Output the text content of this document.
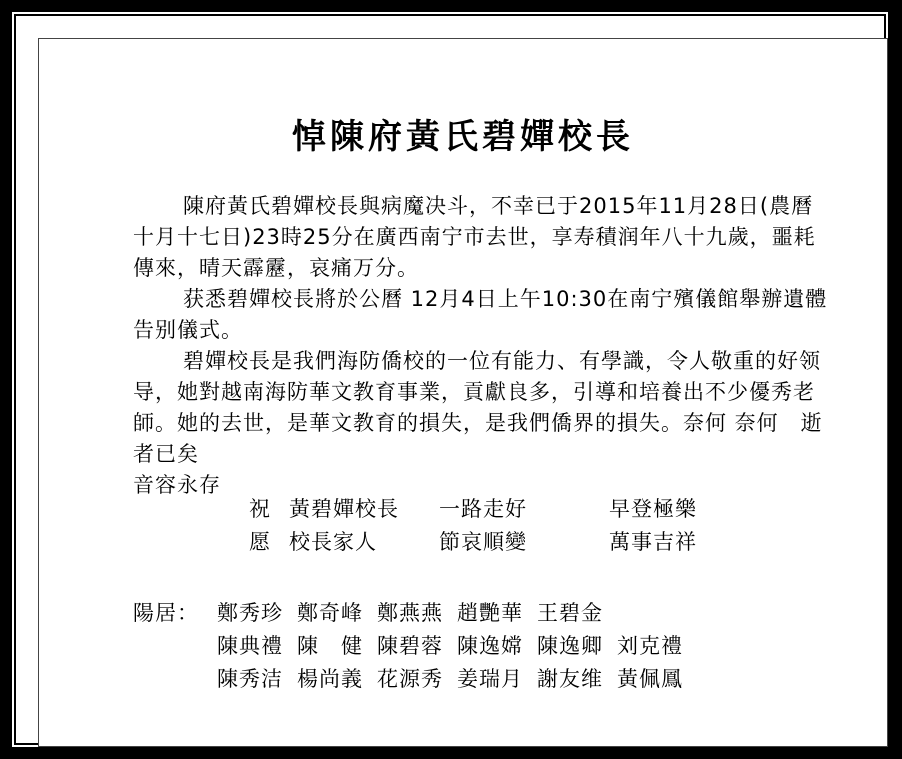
悼陳府黃氏碧嬋校長

陳府黃氏碧嬋校長與病魔决斗，不幸已于2015年11月28日(農曆十月十七日)23時25分在廣西南宁市去世，享寿積润年八十九歲，噩耗傳來，晴天霹靂，哀痛万分。

获悉碧嬋校長將於公曆 12月4日上午10:30在南宁殯儀館舉辦遺體告别儀式。

碧嬋校長是我們海防僑校的一位有能力、有學識，令人敬重的好领导，她對越南海防華文教育事業，貢獻良多，引導和培養出不少優秀老師。她的去世，是華文教育的損失，是我們僑界的損失。奈何 奈何　逝者已矣

音容永存

祝 黃碧嬋校長	一路走好	早登極樂
愿 校長家人	節哀順變	萬事吉祥
陽居： 鄭秀珍 鄭奇峰 鄭燕燕 趙艷華 王碧金
陳典禮 陳　健 陳碧蓉 陳逸嫦 陳逸卿 刘克禮
陳秀洁 楊尚義 花源秀 姜瑞月 謝友维 黃佩鳳
